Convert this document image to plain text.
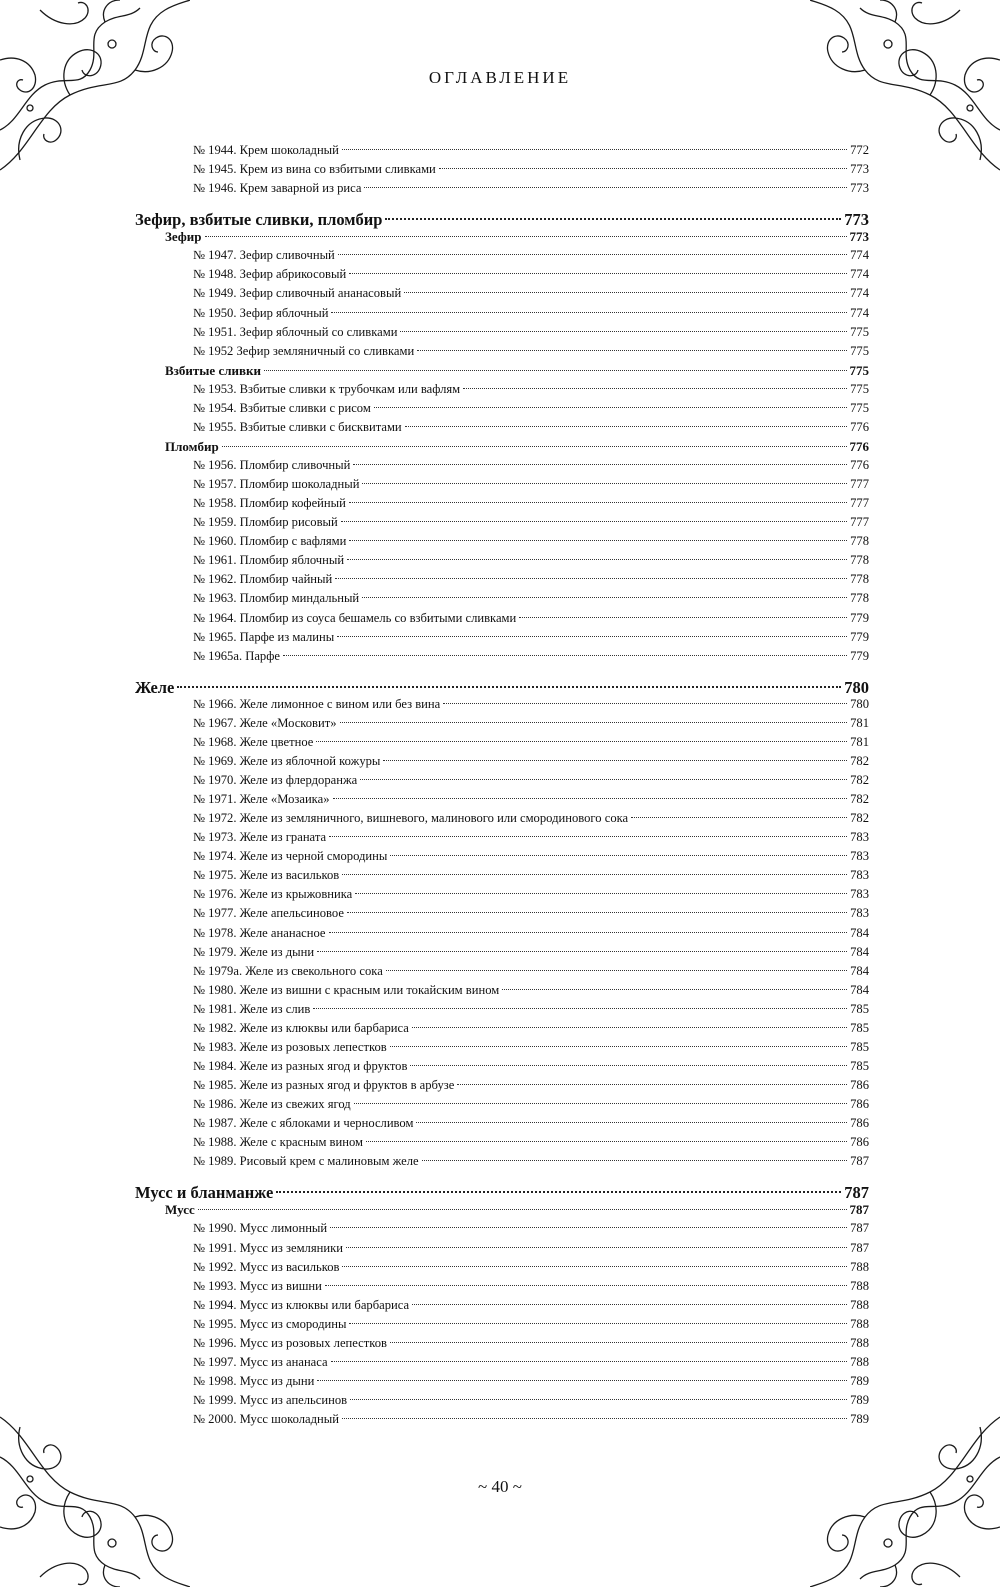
ОГЛАВЛЕНИЕ
№ 1944. Крем шоколадный	772
№ 1945. Крем из вина со взбитыми сливками	773
№ 1946. Крем заварной из риса	773
Зефир, взбитые сливки, пломбир	773
Зефир	773
№ 1947. Зефир сливочный	774
№ 1948. Зефир абрикосовый	774
№ 1949. Зефир сливочный ананасовый	774
№ 1950. Зефир яблочный	774
№ 1951. Зефир яблочный со сливками	775
№ 1952 Зефир земляничный со сливками	775
Взбитые сливки	775
№ 1953. Взбитые сливки к трубочкам или вафлям	775
№ 1954. Взбитые сливки с рисом	775
№ 1955. Взбитые сливки с бисквитами	776
Пломбир	776
№ 1956. Пломбир сливочный	776
№ 1957. Пломбир шоколадный	777
№ 1958. Пломбир кофейный	777
№ 1959. Пломбир рисовый	777
№ 1960. Пломбир с вафлями	778
№ 1961. Пломбир яблочный	778
№ 1962. Пломбир чайный	778
№ 1963. Пломбир миндальный	778
№ 1964. Пломбир из соуса бешамель со взбитыми сливками	779
№ 1965. Парфе из малины	779
№ 1965а. Парфе	779
Желе	780
№ 1966. Желе лимонное с вином или без вина	780
№ 1967. Желе «Московит»	781
№ 1968. Желе цветное	781
№ 1969. Желе из яблочной кожуры	782
№ 1970. Желе из флердоранжа	782
№ 1971. Желе «Мозаика»	782
№ 1972. Желе из земляничного, вишневого, малинового или смородинового сока	782
№ 1973. Желе из граната	783
№ 1974. Желе из черной смородины	783
№ 1975. Желе из васильков	783
№ 1976. Желе из крыжовника	783
№ 1977. Желе апельсиновое	783
№ 1978. Желе ананасное	784
№ 1979. Желе из дыни	784
№ 1979а. Желе из свекольного сока	784
№ 1980. Желе из вишни с красным или токайским вином	784
№ 1981. Желе из слив	785
№ 1982. Желе из клюквы или барбариса	785
№ 1983. Желе из розовых лепестков	785
№ 1984. Желе из разных ягод и фруктов	785
№ 1985. Желе из разных ягод и фруктов в арбузе	786
№ 1986. Желе из свежих ягод	786
№ 1987. Желе с яблоками и черносливом	786
№ 1988. Желе с красным вином	786
№ 1989. Рисовый крем с малиновым желе	787
Мусс и бланманже	787
Мусс	787
№ 1990. Мусс лимонный	787
№ 1991. Мусс из земляники	787
№ 1992. Мусс из васильков	788
№ 1993. Мусс из вишни	788
№ 1994. Мусс из клюквы или барбариса	788
№ 1995. Мусс из смородины	788
№ 1996. Мусс из розовых лепестков	788
№ 1997. Мусс из ананаса	788
№ 1998. Мусс из дыни	789
№ 1999. Мусс из апельсинов	789
№ 2000. Мусс шоколадный	789
~ 40 ~
